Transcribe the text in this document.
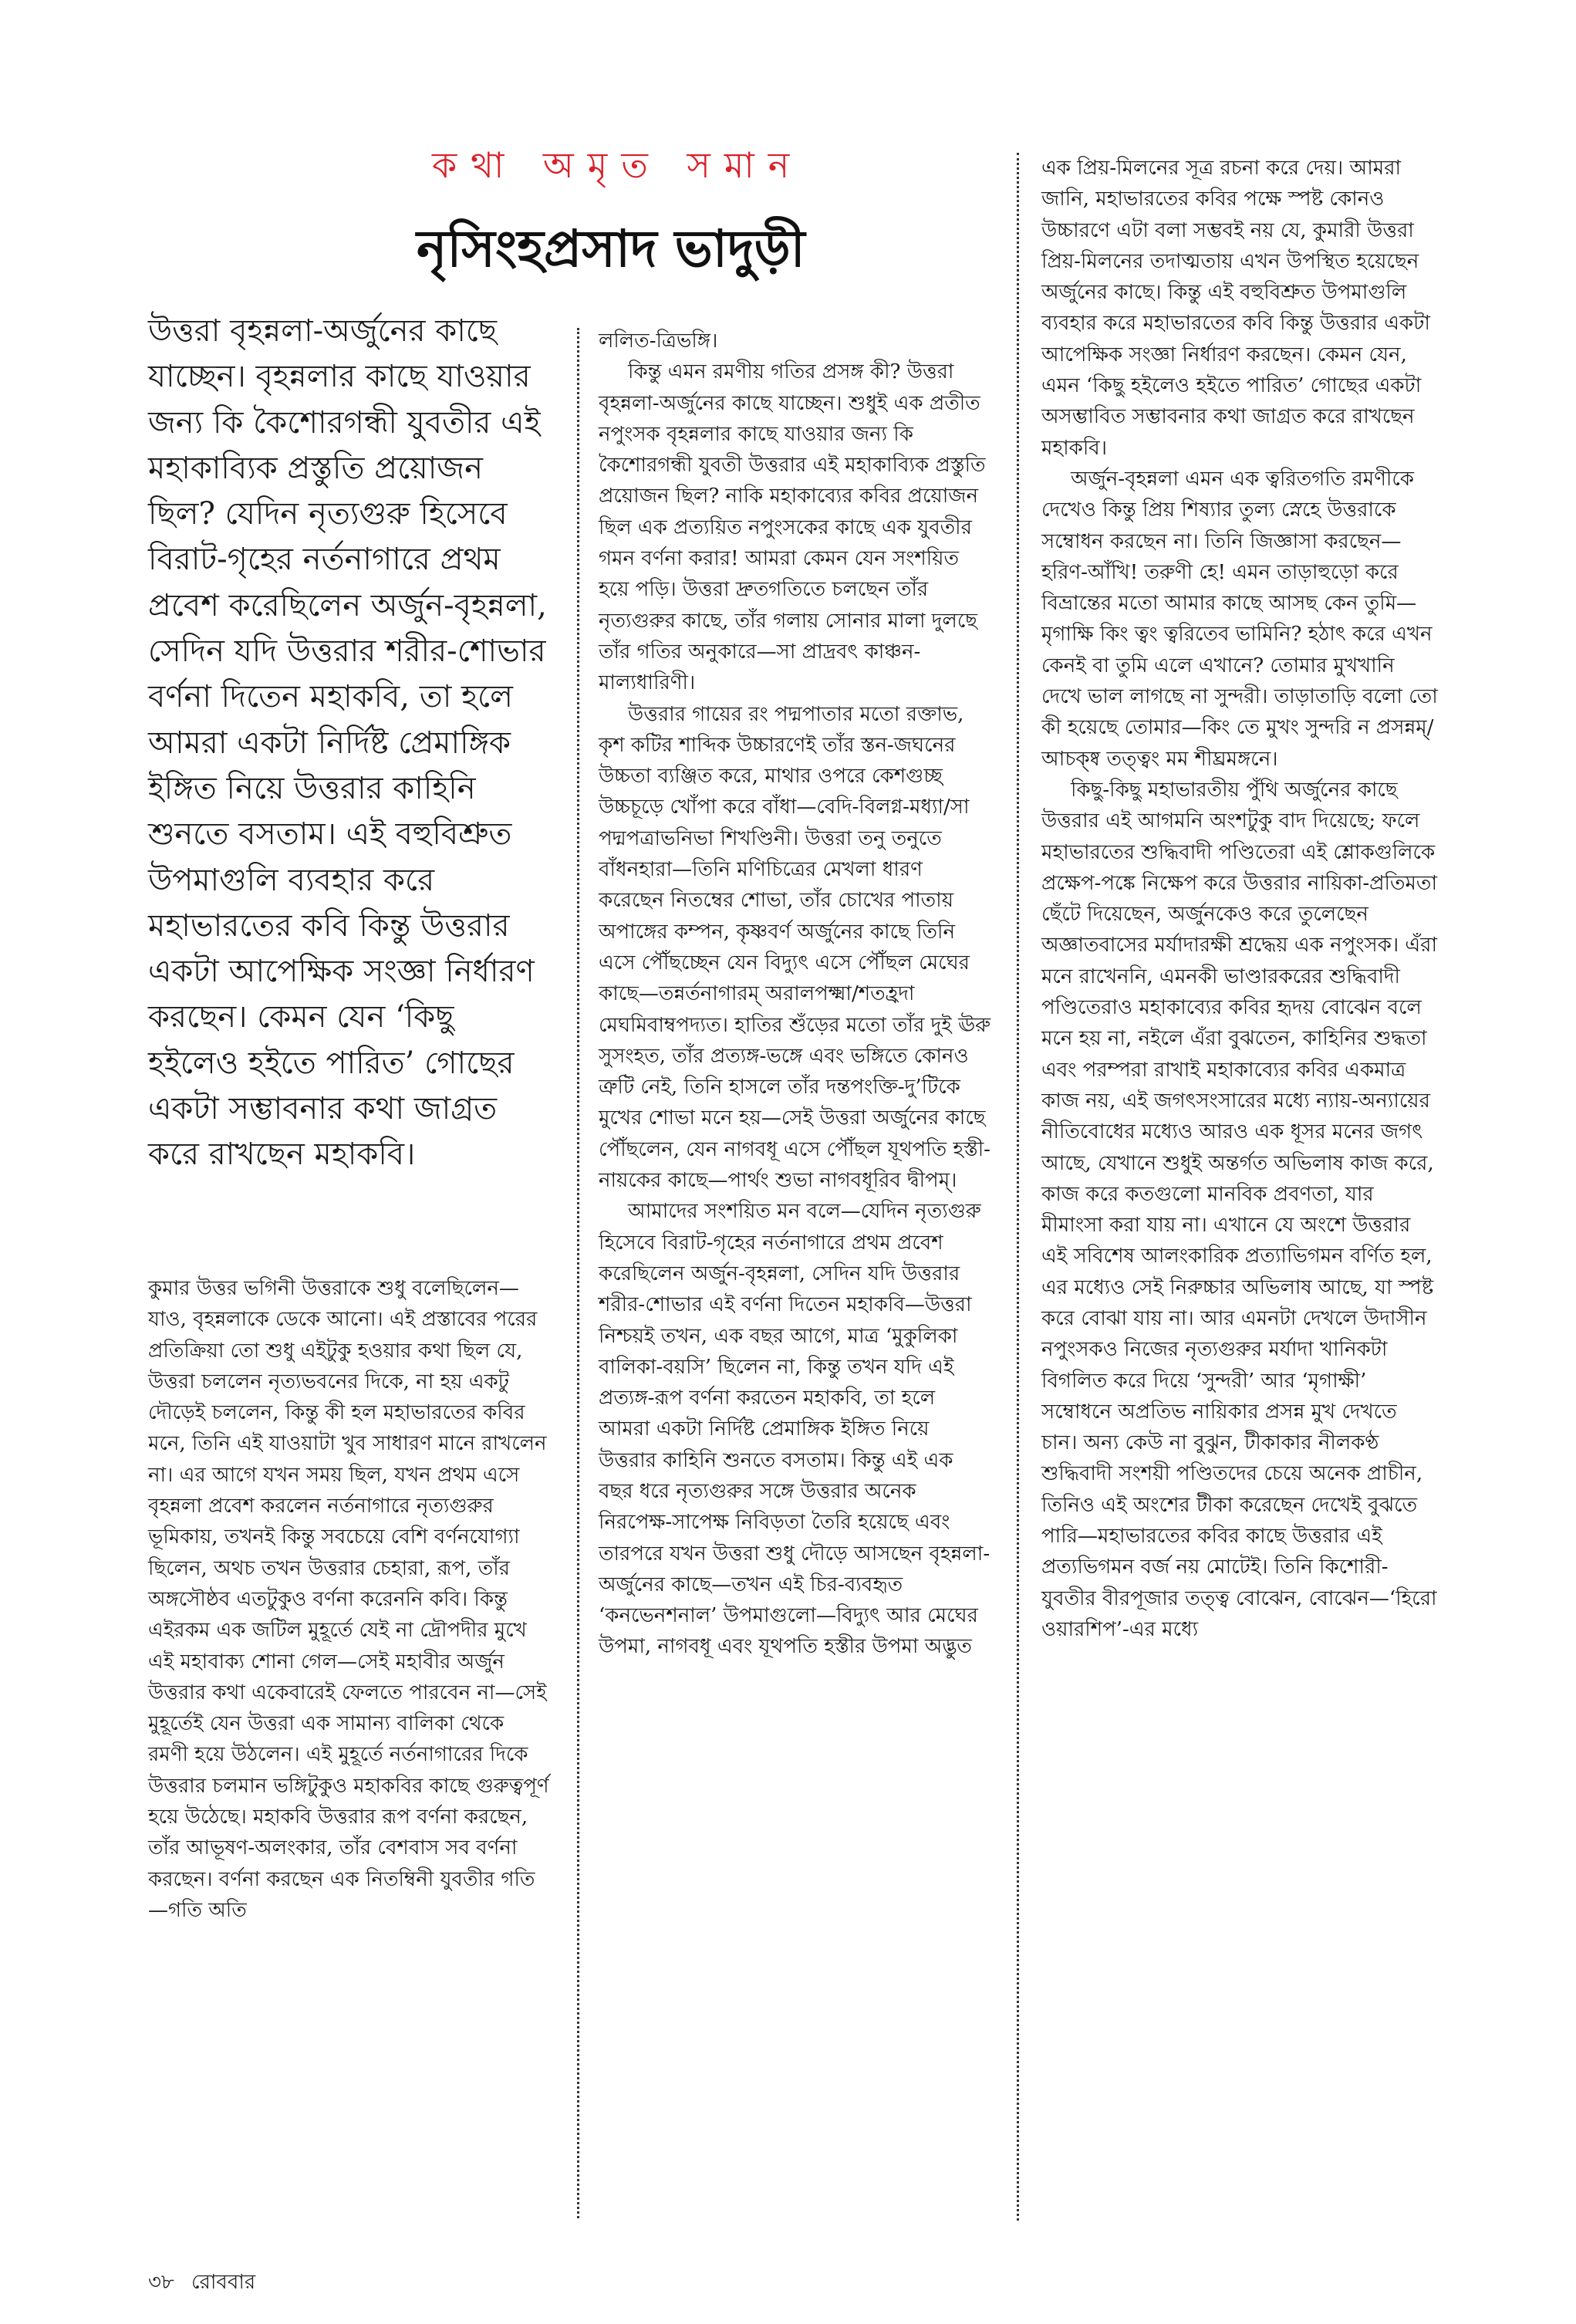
কথা অমৃত সমান
নৃসিংহপ্রসাদ ভাদুড়ী

উত্তরা বৃহন্নলা-অর্জুনের কাছে যাচ্ছেন। বৃহন্নলার কাছে যাওয়ার জন্য কি কৈশোরগন্ধী যুবতীর এই মহাকাব্যিক প্রস্তুতি প্রয়োজন ছিল? যেদিন নৃত্যগুরু হিসেবে বিরাট-গৃহের নর্তনাগারে প্রথম প্রবেশ করেছিলেন অর্জুন-বৃহন্নলা, সেদিন যদি উত্তরার শরীর-শোভার বর্ণনা দিতেন মহাকবি, তা হলে আমরা একটা নির্দিষ্ট প্রেমাঙ্গিক ইঙ্গিত নিয়ে উত্তরার কাহিনি শুনতে বসতাম। এই বহুবিশ্রুত উপমাগুলি ব্যবহার করে মহাভারতের কবি কিন্তু উত্তরার একটা আপেক্ষিক সংজ্ঞা নির্ধারণ করছেন। কেমন যেন ‘কিছু হইলেও হইতে পারিত’ গোছের একটা সম্ভাবনার কথা জাগ্রত করে রাখছেন মহাকবি।

কুমার উত্তর ভগিনী উত্তরাকে শুধু বলেছিলেন—যাও, বৃহন্নলাকে ডেকে আনো। এই প্রস্তাবের পরের প্রতিক্রিয়া তো শুধু এইটুকু হওয়ার কথা ছিল যে, উত্তরা চললেন নৃত্যভবনের দিকে, না হয় একটু দৌড়েই চললেন, কিন্তু কী হল মহাভারতের কবির মনে, তিনি এই যাওয়াটা খুব সাধারণ মানে রাখলেন না। এর আগে যখন সময় ছিল, যখন প্রথম এসে বৃহন্নলা প্রবেশ করলেন নর্তনাগারে নৃত্যগুরুর ভূমিকায়, তখনই কিন্তু সবচেয়ে বেশি বর্ণনযোগ্যা ছিলেন, অথচ তখন উত্তরার চেহারা, রূপ, তাঁর অঙ্গসৌষ্ঠব এতটুকুও বর্ণনা করেননি কবি। কিন্তু এইরকম এক জটিল মুহূর্তে যেই না দ্রৌপদীর মুখে এই মহাবাক্য শোনা গেল—সেই মহাবীর অর্জুন উত্তরার কথা একেবারেই ফেলতে পারবেন না—সেই মুহূর্তেই যেন উত্তরা এক সামান্য বালিকা থেকে রমণী হয়ে উঠলেন। এই মুহূর্তে নর্তনাগারের দিকে উত্তরার চলমান ভঙ্গিটুকুও মহাকবির কাছে গুরুত্বপূর্ণ হয়ে উঠেছে। মহাকবি উত্তরার রূপ বর্ণনা করছেন, তাঁর আভূষণ-অলংকার, তাঁর বেশবাস সব বর্ণনা করছেন। বর্ণনা করছেন এক নিতম্বিনী যুবতীর গতি—গতি অতি

ললিত-ত্রিভঙ্গি।

কিন্তু এমন রমণীয় গতির প্রসঙ্গ কী? উত্তরা বৃহন্নলা-অর্জুনের কাছে যাচ্ছেন। শুধুই এক প্রতীত নপুংসক বৃহন্নলার কাছে যাওয়ার জন্য কি কৈশোরগন্ধী যুবতী উত্তরার এই মহাকাব্যিক প্রস্তুতি প্রয়োজন ছিল? নাকি মহাকাব্যের কবির প্রয়োজন ছিল এক প্রত্যয়িত নপুংসকের কাছে এক যুবতীর গমন বর্ণনা করার! আমরা কেমন যেন সংশয়িত হয়ে পড়ি। উত্তরা দ্রুতগতিতে চলছেন তাঁর নৃত্যগুরুর কাছে, তাঁর গলায় সোনার মালা দুলছে তাঁর গতির অনুকারে—সা প্রাদ্রবৎ কাঞ্চন-মাল্যধারিণী।

উত্তরার গায়ের রং পদ্মপাতার মতো রক্তাভ, কৃশ কটির শাব্দিক উচ্চারণেই তাঁর স্তন-জঘনের উচ্চতা ব্যঞ্জিত করে, মাথার ওপরে কেশগুচ্ছ উচ্চচূড়ে খোঁপা করে বাঁধা—বেদি-বিলগ্ন-মধ্যা/সা পদ্মপত্রাভনিভা শিখণ্ডিনী। উত্তরা তনু তনুতে বাঁধনহারা—তিনি মণিচিত্রের মেখলা ধারণ করেছেন নিতম্বের শোভা, তাঁর চোখের পাতায় অপাঙ্গের কম্পন, কৃষ্ণবর্ণ অর্জুনের কাছে তিনি এসে পৌঁছচ্ছেন যেন বিদ্যুৎ এসে পৌঁছল মেঘের কাছে—তন্নর্তনাগারম্ অরালপক্ষ্মা/শতহ্রদা মেঘমিবাম্বপদ্যত। হাতির শুঁড়ের মতো তাঁর দুই ঊরু সুসংহত, তাঁর প্রত্যঙ্গ-ভঙ্গে এবং ভঙ্গিতে কোনও ত্রুটি নেই, তিনি হাসলে তাঁর দন্তপংক্তি-দু’টিকে মুখের শোভা মনে হয়—সেই উত্তরা অর্জুনের কাছে পৌঁছলেন, যেন নাগবধূ এসে পৌঁছল যূথপতি হস্তী-নায়কের কাছে—পার্থং শুভা নাগবধূরিব দ্বীপম্।

আমাদের সংশয়িত মন বলে—যেদিন নৃত্যগুরু হিসেবে বিরাট-গৃহের নর্তনাগারে প্রথম প্রবেশ করেছিলেন অর্জুন-বৃহন্নলা, সেদিন যদি উত্তরার শরীর-শোভার এই বর্ণনা দিতেন মহাকবি—উত্তরা নিশ্চয়ই তখন, এক বছর আগে, মাত্র ‘মুকুলিকা বালিকা-বয়সি’ ছিলেন না, কিন্তু তখন যদি এই প্রত্যঙ্গ-রূপ বর্ণনা করতেন মহাকবি, তা হলে আমরা একটা নির্দিষ্ট প্রেমাঙ্গিক ইঙ্গিত নিয়ে উত্তরার কাহিনি শুনতে বসতাম। কিন্তু এই এক বছর ধরে নৃত্যগুরুর সঙ্গে উত্তরার অনেক নিরপেক্ষ-সাপেক্ষ নিবিড়তা তৈরি হয়েছে এবং তারপরে যখন উত্তরা শুধু দৌড়ে আসছেন বৃহন্নলা-অর্জুনের কাছে—তখন এই চির-ব্যবহৃত ‘কনভেনশনাল’ উপমাগুলো—বিদ্যুৎ আর মেঘের উপমা, নাগবধূ এবং যূথপতি হস্তীর উপমা অদ্ভুত

এক প্রিয়-মিলনের সূত্র রচনা করে দেয়। আমরা জানি, মহাভারতের কবির পক্ষে স্পষ্ট কোনও উচ্চারণে এটা বলা সম্ভবই নয় যে, কুমারী উত্তরা প্রিয়-মিলনের তদাত্মতায় এখন উপস্থিত হয়েছেন অর্জুনের কাছে। কিন্তু এই বহুবিশ্রুত উপমাগুলি ব্যবহার করে মহাভারতের কবি কিন্তু উত্তরার একটা আপেক্ষিক সংজ্ঞা নির্ধারণ করছেন। কেমন যেন, এমন ‘কিছু হইলেও হইতে পারিত’ গোছের একটা অসম্ভাবিত সম্ভাবনার কথা জাগ্রত করে রাখছেন মহাকবি।

অর্জুন-বৃহন্নলা এমন এক ত্বরিতগতি রমণীকে দেখেও কিন্তু প্রিয় শিষ্যার তুল্য স্নেহে উত্তরাকে সম্বোধন করছেন না। তিনি জিজ্ঞাসা করছেন—হরিণ-আঁখি! তরুণী হে! এমন তাড়াহুড়ো করে বিভ্রান্তের মতো আমার কাছে আসছ কেন তুমি—মৃগাক্ষি কিং ত্বং ত্বরিতেব ভামিনি? হঠাৎ করে এখন কেনই বা তুমি এলে এখানে? তোমার মুখখানি দেখে ভাল লাগছে না সুন্দরী। তাড়াতাড়ি বলো তো কী হয়েছে তোমার—কিং তে মুখং সুন্দরি ন প্রসন্নম্/আচক্ষ্ব তত্ত্বং মম শীঘ্রমঙ্গনে।

কিছু-কিছু মহাভারতীয় পুঁথি অর্জুনের কাছে উত্তরার এই আগমনি অংশটুকু বাদ দিয়েছে; ফলে মহাভারতের শুদ্ধিবাদী পণ্ডিতেরা এই শ্লোকগুলিকে প্রক্ষেপ-পঙ্কে নিক্ষেপ করে উত্তরার নায়িকা-প্রতিমতা ছেঁটে দিয়েছেন, অর্জুনকেও করে তুলেছেন অজ্ঞাতবাসের মর্যাদারক্ষী শ্রদ্ধেয় এক নপুংসক। এঁরা মনে রাখেননি, এমনকী ভাণ্ডারকরের শুদ্ধিবাদী পণ্ডিতেরাও মহাকাব্যের কবির হৃদয় বোঝেন বলে মনে হয় না, নইলে এঁরা বুঝতেন, কাহিনির শুদ্ধতা এবং পরম্পরা রাখাই মহাকাব্যের কবির একমাত্র কাজ নয়, এই জগৎসংসারের মধ্যে ন্যায়-অন্যায়ের নীতিবোধের মধ্যেও আরও এক ধূসর মনের জগৎ আছে, যেখানে শুধুই অন্তর্গত অভিলাষ কাজ করে, কাজ করে কতগুলো মানবিক প্রবণতা, যার মীমাংসা করা যায় না। এখানে যে অংশে উত্তরার এই সবিশেষ আলংকারিক প্রত্যাভিগমন বর্ণিত হল, এর মধ্যেও সেই নিরুচ্চার অভিলাষ আছে, যা স্পষ্ট করে বোঝা যায় না। আর এমনটা দেখলে উদাসীন নপুংসকও নিজের নৃত্যগুরুর মর্যাদা খানিকটা বিগলিত করে দিয়ে ‘সুন্দরী’ আর ‘মৃগাক্ষী’ সম্বোধনে অপ্রতিভ নায়িকার প্রসন্ন মুখ দেখতে চান। অন্য কেউ না বুঝুন, টীকাকার নীলকণ্ঠ শুদ্ধিবাদী সংশয়ী পণ্ডিতদের চেয়ে অনেক প্রাচীন, তিনিও এই অংশের টীকা করেছেন দেখেই বুঝতে পারি—মহাভারতের কবির কাছে উত্তরার এই প্রত্যভিগমন বর্জ নয় মোটেই। তিনি কিশোরী-যুবতীর বীরপূজার তত্ত্ব বোঝেন, বোঝেন—‘হিরো ওয়ারশিপ’-এর মধ্যে

৩৮ রোববার
